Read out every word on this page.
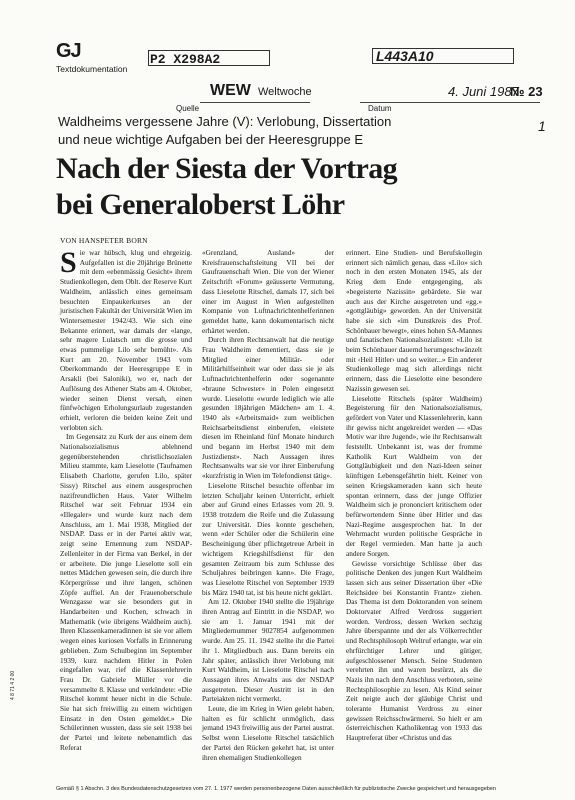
GJ
Textdokumentation
P2 X298A2	L443A10
WEW Weltwoche
Quelle	Datum
4. Juni 1987
№ 23
1
Waldheims vergessene Jahre (V): Verlobung, Dissertation
und neue wichtige Aufgaben bei der Heeresgruppe E
Nach der Siesta der Vortrag
bei Generaloberst Löhr
VON HANSPETER BORN

Sie war hübsch, klug und ehrgeizig. Aufgefallen ist die 20jährige Brünette mit dem «ebenmässig Gesicht» ihrem Studienkollegen, dem Oblt. der Reserve Kurt Waldheim, anlässlich eines gemeinsam besuchten Einpaukerkurses an der juristischen Fakultät der Universität Wien im Wintersemester 1942/43. Wie sich eine Bekannte erinnert, war damals der «lange, sehr magere Lulatsch um die grosse und etwas pummelige Lilo sehr bemüht». Als Kurt am 20. November 1943 vom Oberkommando der Heeresgruppe E in Arsakli (bei Saloniki), wo er, nach der Auflösung des Athener Stabs am 4. Oktober, wieder seinen Dienst versah, einen fünfwöchigen Erholungsurlaub zugestanden erhielt, verloren die beiden keine Zeit und verlobten sich.

Im Gegensatz zu Kurk der aus einem dem Nationalsozialismus ablehnend gegenüberstehenden christlichsozialen Milieu stammte, kam Lieselotte (Taufnamen Elisabeth Charlotte, gerufen Lilo, später Sissy) Ritschel aus einem ausgesprochen nazifreundlichen Haus. Vater Wilhelm Ritschel war seit Februar 1934 ein «Illegaler» und wurde kurz nach dem Anschluss, am 1. Mai 1938, Mitglied der NSDAP. Dass er in der Partei aktiv war, zeigt seine Ernennung zum NSDAP-Zellenleiter in der Firma van Berkel, in der er arbeitete. Die junge Lieselotte soll ein nettes Mädchen gewesen sein, die durch ihre Körpergrösse und ihre langen, schönen Zöpfe auffiel. An der Frauenoberschule Wenzgasse war sie besonders gut in Handarbeiten und Kochen, schwach in Mathematik (wie übrigens Waldheim auch). Ihren Klassenkameradinnen ist sie vor allem wegen eines kuriosen Vorfalls in Erinnerung geblieben. Zum Schulbeginn im September 1939, kurz nachdem Hitler in Polen eingefallen war, rief die Klassenlehrerin Frau Dr. Gabriele Müller vor die versammelte 8. Klasse und verkündete: «Die Ritschel kommt heuer nicht in die Schule. Sie hat sich freiwillig zu einem wichtigen Einsatz in den Osten gemeldet.» Die Schülerinnen wussten, dass sie seit 1938 bei der Partei und leitete nebenamtlich das Referat

«Grenzland, Ausland» der Kreisfrauenschaftsleitung VII bei der Gaufrauenschaft Wien. Die von der Wiener Zeitschrift «Forum» geäusserte Vermutung, dass Lieselotte Ritschel, damals 17, sich bei einer im August in Wien aufgestellten Kompanie von Luftnachrichtenhelferinnen gemeldet hatte, kann dokumentarisch nicht erhärtet werden.

Durch ihren Rechtsanwalt hat die neutige Frau Waldheim dementiert, dass sie je Mitglied einer Militär- oder Militärhilfseinheit war oder dass sie je als Luftnachrichtenhelferin oder sogenannte «braune Schwester» in Polen eingesetzt wurde. Lieselotte «wurde lediglich wie alle gesunden 18jährigen Mädchen» am 1. 4. 1940 als «Arbeitsmaid» zum weiblichen Reichsarbeitsdienst einberufen, «leistete diesen im Rheinland fünf Monate hindurch und begann im Herbst 1940 mit dem Justizdienst». Nach Aussagen ihres Rechtsanwalts war sie vor ihrer Einberufung «kurzfristig in Wien im Telefondienst tätig».

Lieselotte Ritschel besuchte offenbar im letzten Schuljahr keinen Unterricht, erhielt aber auf Grund eines Erlasses vom 20. 9. 1938 trotzdem die Reife und die Zulassung zur Universität. Dies konnte geschehen, wenn «der Schüler oder die Schülerin eine Bescheinigung über pflichtgetreue Arbeit in wichtigem Kriegshilfsdienst für den gesamten Zeitraum bis zum Schlusse des Schuljahres beibringen kann». Die Frage, was Lieselotte Ritschel von September 1939 bis März 1940 tat, ist bis heute nicht geklärt.

Am 12. Oktober 1940 stellte die 19jährige ihren Antrag auf Eintritt in die NSDAP, wo sie am 1. Januar 1941 mit der Mitgliedernummer 9027854 aufgenommen wurde. Am 25. 11. 1942 stellte ihr die Partei ihr 1. Mitgliedbuch aus. Dann bereits ein Jahr später, anlässlich ihrer Verlobung mit Kurt Waldheim, ist Lieselotte Ritschel nach Aussagen ihres Anwalts aus der NSDAP ausgetreten. Dieser Austritt ist in den Parteiakten nicht vermerkt.

Leute, die im Krieg in Wien gelebt haben, halten es für schlicht unmöglich, dass jemand 1943 freiwillig aus der Partei austrat. Selbst wenn Lieselotte Ritschel tatsächlich der Partei den Rücken gekehrt hat, ist unter ihren ehemaligen Studienkollegen

erinnert. Eine Studien- und Berufskollegin erinnert sich nämlich genau, dass «Lilo» sich noch in den ersten Monaten 1945, als der Krieg dem Ende entgegenging, als «begeisterte Nazissin» gebärdete. Sie war auch aus der Kirche ausgetreten und «gg.» «gottgläubig» geworden. An der Universität habe sie sich «im Dunstkreis des Prof. Schönbauer bewegt», eines hohen SA-Mannes und fanatischen Nationalsozialisten: «Lilo ist beim Schönbauer dauernd herumgeschwänzelt mit ‹Heil Hitler› und so weiter...» Ein anderer Studienkollege mag sich allerdings nicht erinnern, dass die Lieselotte eine besondere Nazissin gewesen sei.

Lieselotte Ritschels (später Waldheim) Begeisterung für den Nationalsozialismus, gefördert von Vater und Klassenlehrerin, kann ihr gewiss nicht angekreidet werden — «Das Motiv war ihre Jugend», wie ihr Rechtsanwalt feststellt. Unbekannt ist, was der fromme Katholik Kurt Waldheim von der Gottgläubigkeit und den Nazi-Ideen seiner künftigen Lebensgefährtin hielt. Keiner von seinen Kriegskameraden kann sich heute spontan erinnern, dass der junge Offizier Waldheim sich je prononciert kritischem oder befürwortendem Sinne über Hitler und das Nazi-Regime ausgesprochen hat. In der Wehrmacht wurden politische Gespräche in der Regel vermieden. Man hatte ja auch andere Sorgen.

Gewisse vorsichtige Schlüsse über das politische Denken des jungen Kurt Waldheim lassen sich aus seiner Dissertation über «Die Reichsidee bei Konstantin Frantz» ziehen. Das Thema ist dem Doktoranden von seinem Doktorvater Alfred Verdross suggeriert worden. Verdross, dessen Werken sechzig Jahre überspannte und der als Völkerrechtler und Rechtsphilosoph Weltruf erlangte, war ein ehrfürchtiger Lehrer und gütiger, aufgeschlossener Mensch. Seine Studenten verehrten ihn und waren bestürzt, als die Nazis ihn nach dem Anschluss verboten, seine Rechtsphilosophie zu lesen. Als Kind seiner Zeit neigte auch der gläubige Christ und tolerante Humanist Verdross zu einer gewissen Reichsschwärmerei. So hielt er am österreichischen Katholikentag von 1933 das Hauptreferat über «Christus und das

Gemäß § 1 Abschn. 3 des Bundesdatenschutzgesetzes vom 27. 1. 1977 werden personenbezogene Daten ausschließlich für publizistische Zwecke gespeichert und herausgegeben
4 8 71 4 2 00
